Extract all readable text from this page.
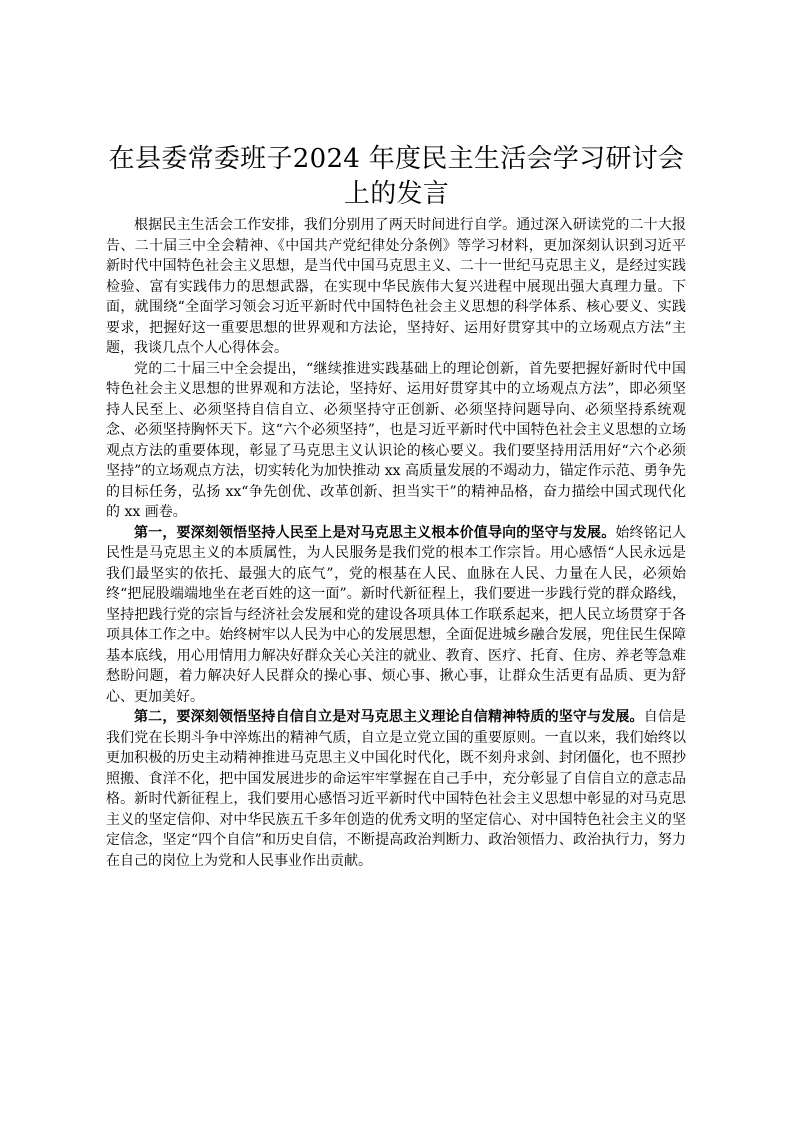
在县委常委班子2024 年度民主生活会学习研讨会上的发言

根据民主生活会工作安排，我们分别用了两天时间进行自学。通过深入研读党的二十大报告、二十届三中全会精神、《中国共产党纪律处分条例》等学习材料，更加深刻认识到习近平新时代中国特色社会主义思想，是当代中国马克思主义、二十一世纪马克思主义，是经过实践检验、富有实践伟力的思想武器，在实现中华民族伟大复兴进程中展现出强大真理力量。下面，就围绕“全面学习领会习近平新时代中国特色社会主义思想的科学体系、核心要义、实践要求，把握好这一重要思想的世界观和方法论，坚持好、运用好贯穿其中的立场观点方法”主题，我谈几点个人心得体会。

党的二十届三中全会提出，“继续推进实践基础上的理论创新，首先要把握好新时代中国特色社会主义思想的世界观和方法论，坚持好、运用好贯穿其中的立场观点方法”，即必须坚持人民至上、必须坚持自信自立、必须坚持守正创新、必须坚持问题导向、必须坚持系统观念、必须坚持胸怀天下。这“六个必须坚持”，也是习近平新时代中国特色社会主义思想的立场观点方法的重要体现，彰显了马克思主义认识论的核心要义。我们要坚持用活用好“六个必须坚持”的立场观点方法，切实转化为加快推动 xx 高质量发展的不竭动力，锚定作示范、勇争先的目标任务，弘扬 xx“争先创优、改革创新、担当实干”的精神品格，奋力描绘中国式现代化的 xx 画卷。

第一，要深刻领悟坚持人民至上是对马克思主义根本价值导向的坚守与发展。始终铭记人民性是马克思主义的本质属性，为人民服务是我们党的根本工作宗旨。用心感悟“人民永远是我们最坚实的依托、最强大的底气”，党的根基在人民、血脉在人民、力量在人民，必须始终“把屁股端端地坐在老百姓的这一面”。新时代新征程上，我们要进一步践行党的群众路线，坚持把践行党的宗旨与经济社会发展和党的建设各项具体工作联系起来，把人民立场贯穿于各项具体工作之中。始终树牢以人民为中心的发展思想，全面促进城乡融合发展，兜住民生保障基本底线，用心用情用力解决好群众关心关注的就业、教育、医疗、托育、住房、养老等急难愁盼问题，着力解决好人民群众的操心事、烦心事、揪心事，让群众生活更有品质、更为舒心、更加美好。

第二，要深刻领悟坚持自信自立是对马克思主义理论自信精神特质的坚守与发展。自信是我们党在长期斗争中淬炼出的精神气质，自立是立党立国的重要原则。一直以来，我们始终以更加积极的历史主动精神推进马克思主义中国化时代化，既不刻舟求剑、封闭僵化，也不照抄照搬、食洋不化，把中国发展进步的命运牢牢掌握在自己手中，充分彰显了自信自立的意志品格。新时代新征程上，我们要用心感悟习近平新时代中国特色社会主义思想中彰显的对马克思主义的坚定信仰、对中华民族五千多年创造的优秀文明的坚定信心、对中国特色社会主义的坚定信念，坚定“四个自信”和历史自信，不断提高政治判断力、政治领悟力、政治执行力，努力在自己的岗位上为党和人民事业作出贡献。
